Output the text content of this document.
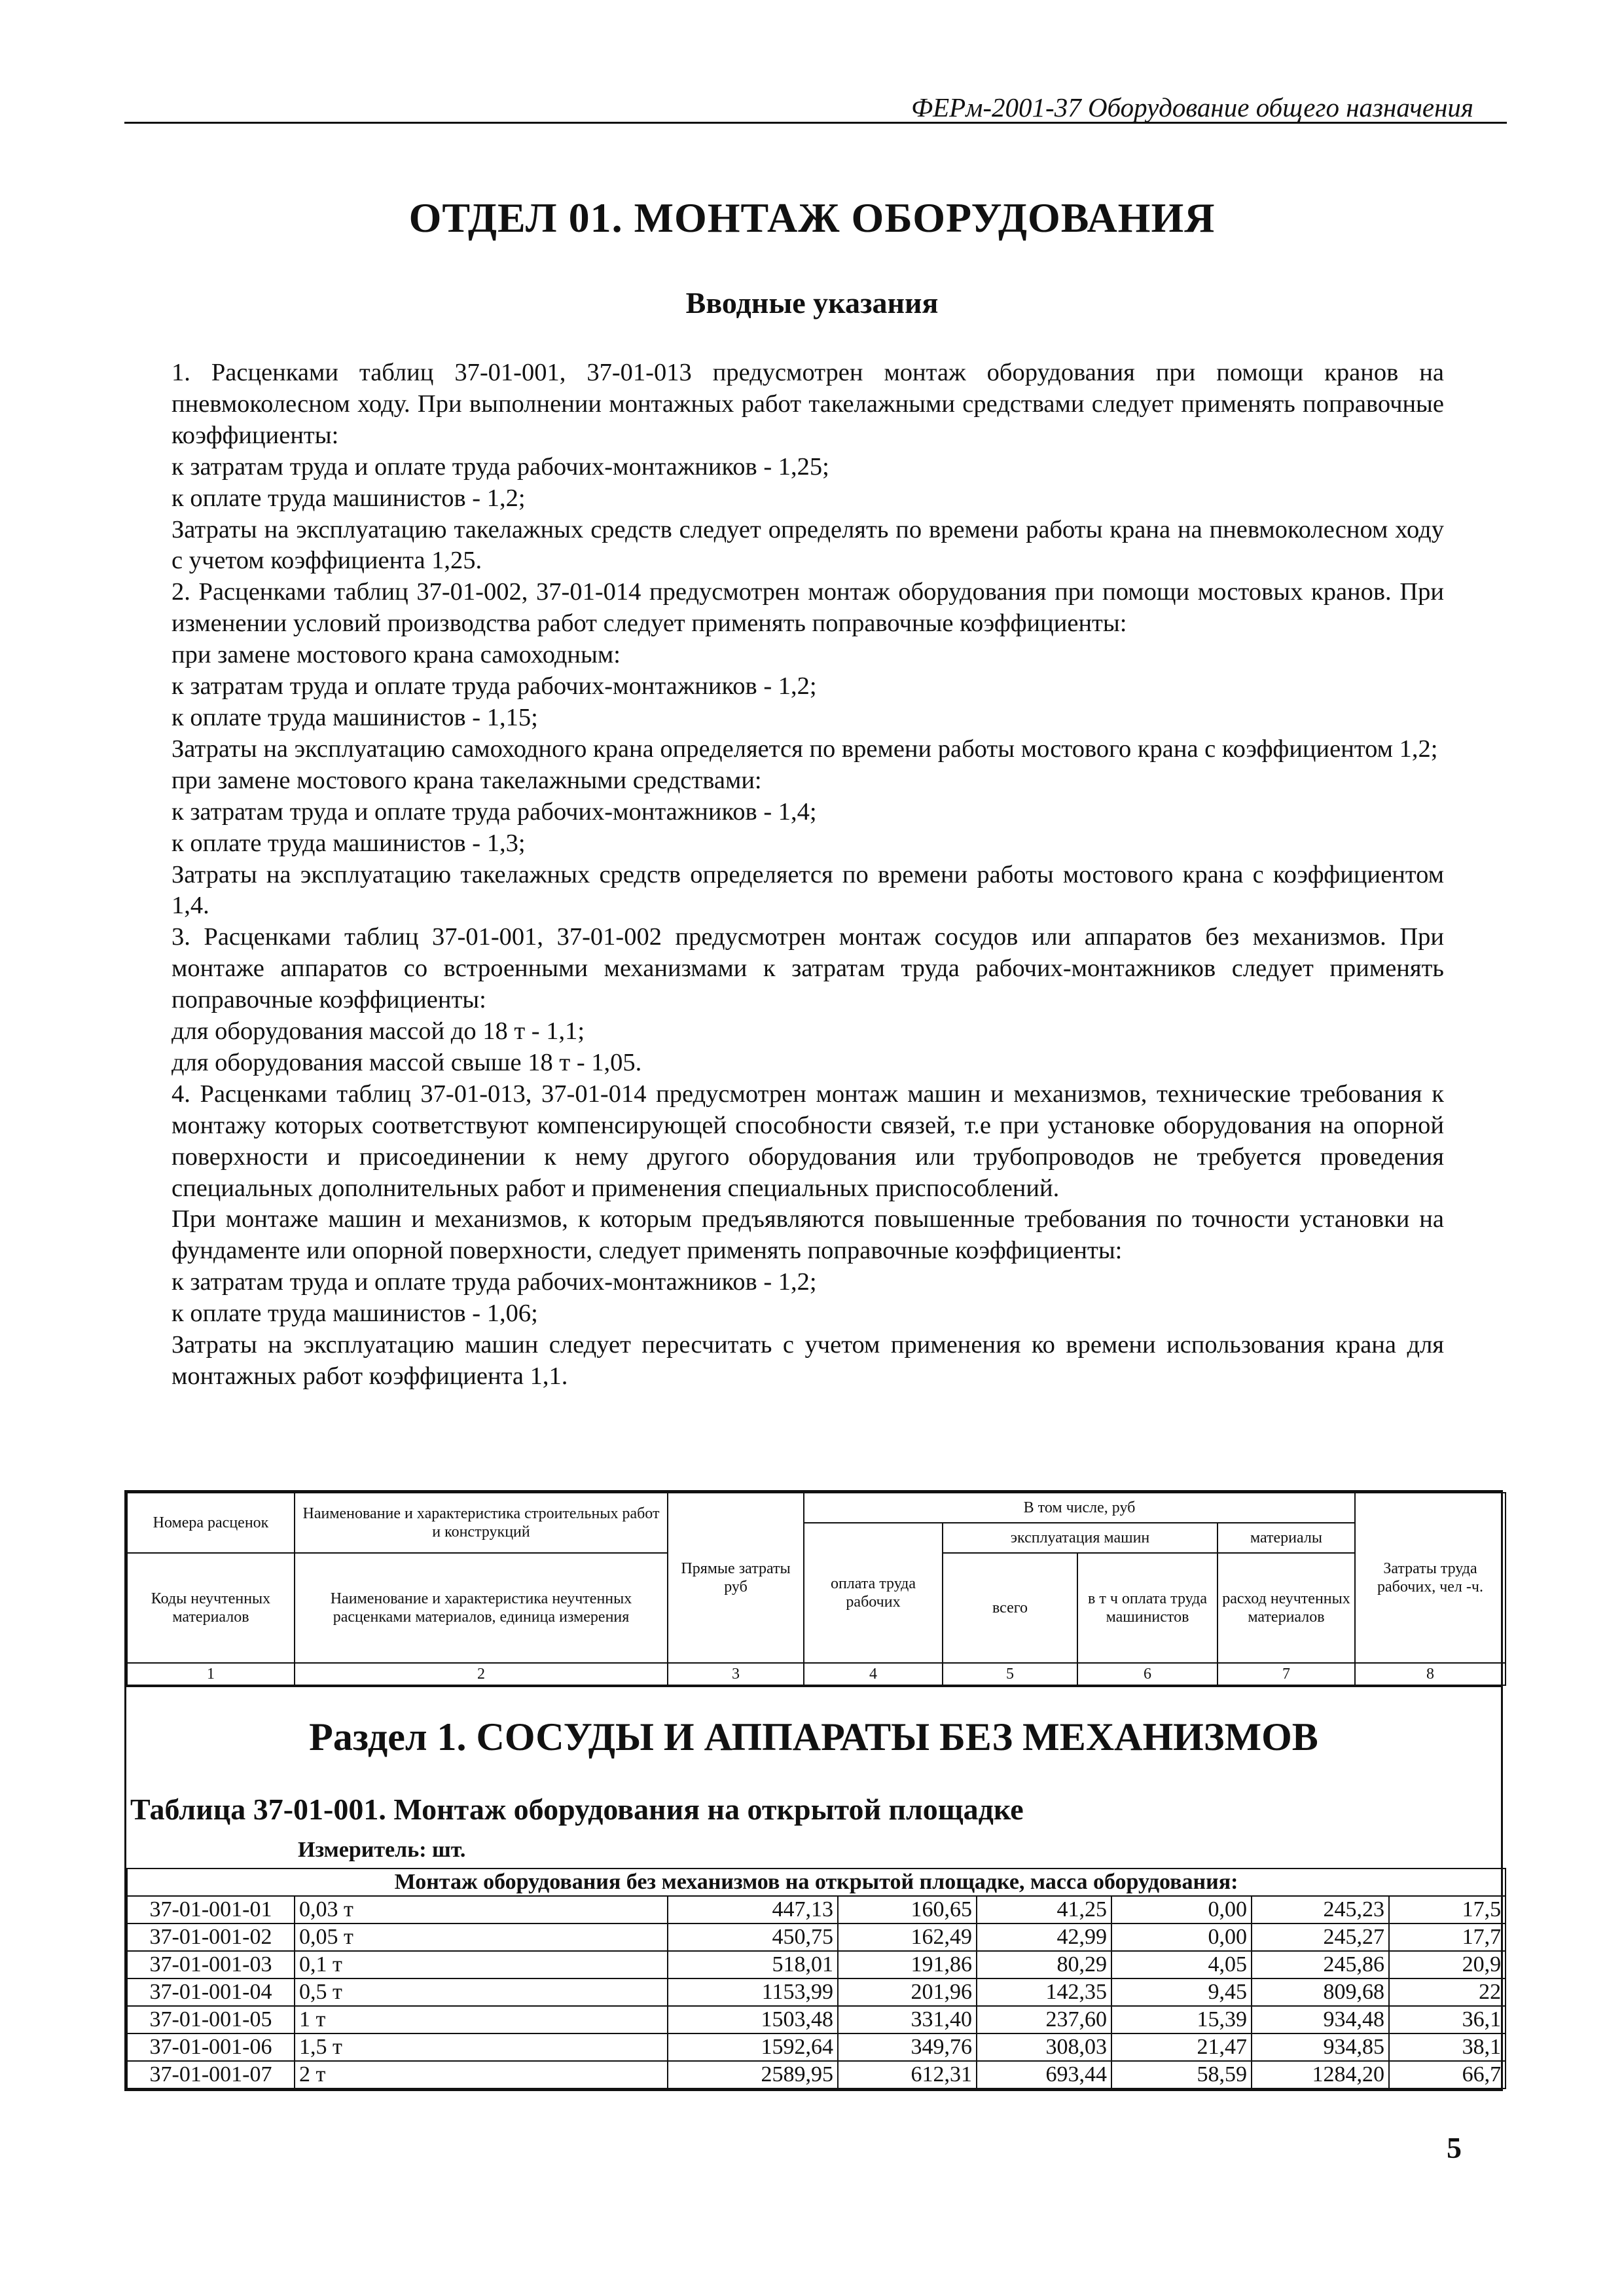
ФЕРм-2001-37 Оборудование общего назначения
ОТДЕЛ 01. МОНТАЖ ОБОРУДОВАНИЯ
Вводные указания

1. Расценками таблиц 37-01-001, 37-01-013 предусмотрен монтаж оборудования при помощи кранов на пневмоколесном ходу. При выполнении монтажных работ такелажными средствами следует применять поправочные коэффициенты:

к затратам труда и оплате труда рабочих-монтажников - 1,25;

к оплате труда машинистов - 1,2;

Затраты на эксплуатацию такелажных средств следует определять по времени работы крана на пневмоколесном ходу с учетом коэффициента 1,25.

2. Расценками таблиц 37-01-002, 37-01-014 предусмотрен монтаж оборудования при помощи мостовых кранов. При изменении условий производства работ следует применять поправочные коэффициенты:

при замене мостового крана самоходным:

к затратам труда и оплате труда рабочих-монтажников - 1,2;

к оплате труда машинистов - 1,15;

Затраты на эксплуатацию самоходного крана определяется по времени работы мостового крана с коэффициентом 1,2;

при замене мостового крана такелажными средствами:

к затратам труда и оплате труда рабочих-монтажников - 1,4;

к оплате труда машинистов - 1,3;

Затраты на эксплуатацию такелажных средств определяется по времени работы мостового крана с коэффициентом 1,4.

3. Расценками таблиц 37-01-001, 37-01-002 предусмотрен монтаж сосудов или аппаратов без механизмов. При монтаже аппаратов со встроенными механизмами к затратам труда рабочих-монтажников следует применять поправочные коэффициенты:

для оборудования массой до 18 т - 1,1;

для оборудования массой свыше 18 т - 1,05.

4. Расценками таблиц 37-01-013, 37-01-014 предусмотрен монтаж машин и механизмов, технические требования к монтажу которых соответствуют компенсирующей способности связей, т.е при установке оборудования на опорной поверхности и присоединении к нему другого оборудования или трубопроводов не требуется проведения специальных дополнительных работ и применения специальных приспособлений.

При монтаже машин и механизмов, к которым предъявляются повышенные требования по точности установки на фундаменте или опорной поверхности, следует применять поправочные коэффициенты:

к затратам труда и оплате труда рабочих-монтажников - 1,2;

к оплате труда машинистов - 1,06;

Затраты на эксплуатацию машин следует пересчитать с учетом применения ко времени использования крана для монтажных работ коэффициента 1,1.

Номера расценок	Наименование и характеристика строительных работ и конструкций	Прямые затраты руб	В том числе, руб				Затраты труда рабочих, чел -ч.
			оплата труда рабочих	эксплуатация машин		материалы	
Коды неучтенных материалов	Наименование и характеристика неучтенных расценками материалов, единица измерения			всего	в т ч оплата труда машинистов	расход неучтенных материалов	

1	2	3	4	5	6	7	8
Раздел 1. СОСУДЫ И АППАРАТЫ БЕЗ МЕХАНИЗМОВ
Таблица 37-01-001. Монтаж оборудования на открытой площадке
Измеритель: шт.
Монтаж оборудования без механизмов на открытой площадке, масса оборудования:							
37-01-001-01	0,03 т	447,13	160,65	41,25	0,00	245,23	17,5
37-01-001-02	0,05 т	450,75	162,49	42,99	0,00	245,27	17,7
37-01-001-03	0,1 т	518,01	191,86	80,29	4,05	245,86	20,9
37-01-001-04	0,5 т	1153,99	201,96	142,35	9,45	809,68	22
37-01-001-05	1 т	1503,48	331,40	237,60	15,39	934,48	36,1
37-01-001-06	1,5 т	1592,64	349,76	308,03	21,47	934,85	38,1
37-01-001-07	2 т	2589,95	612,31	693,44	58,59	1284,20	66,7
5
